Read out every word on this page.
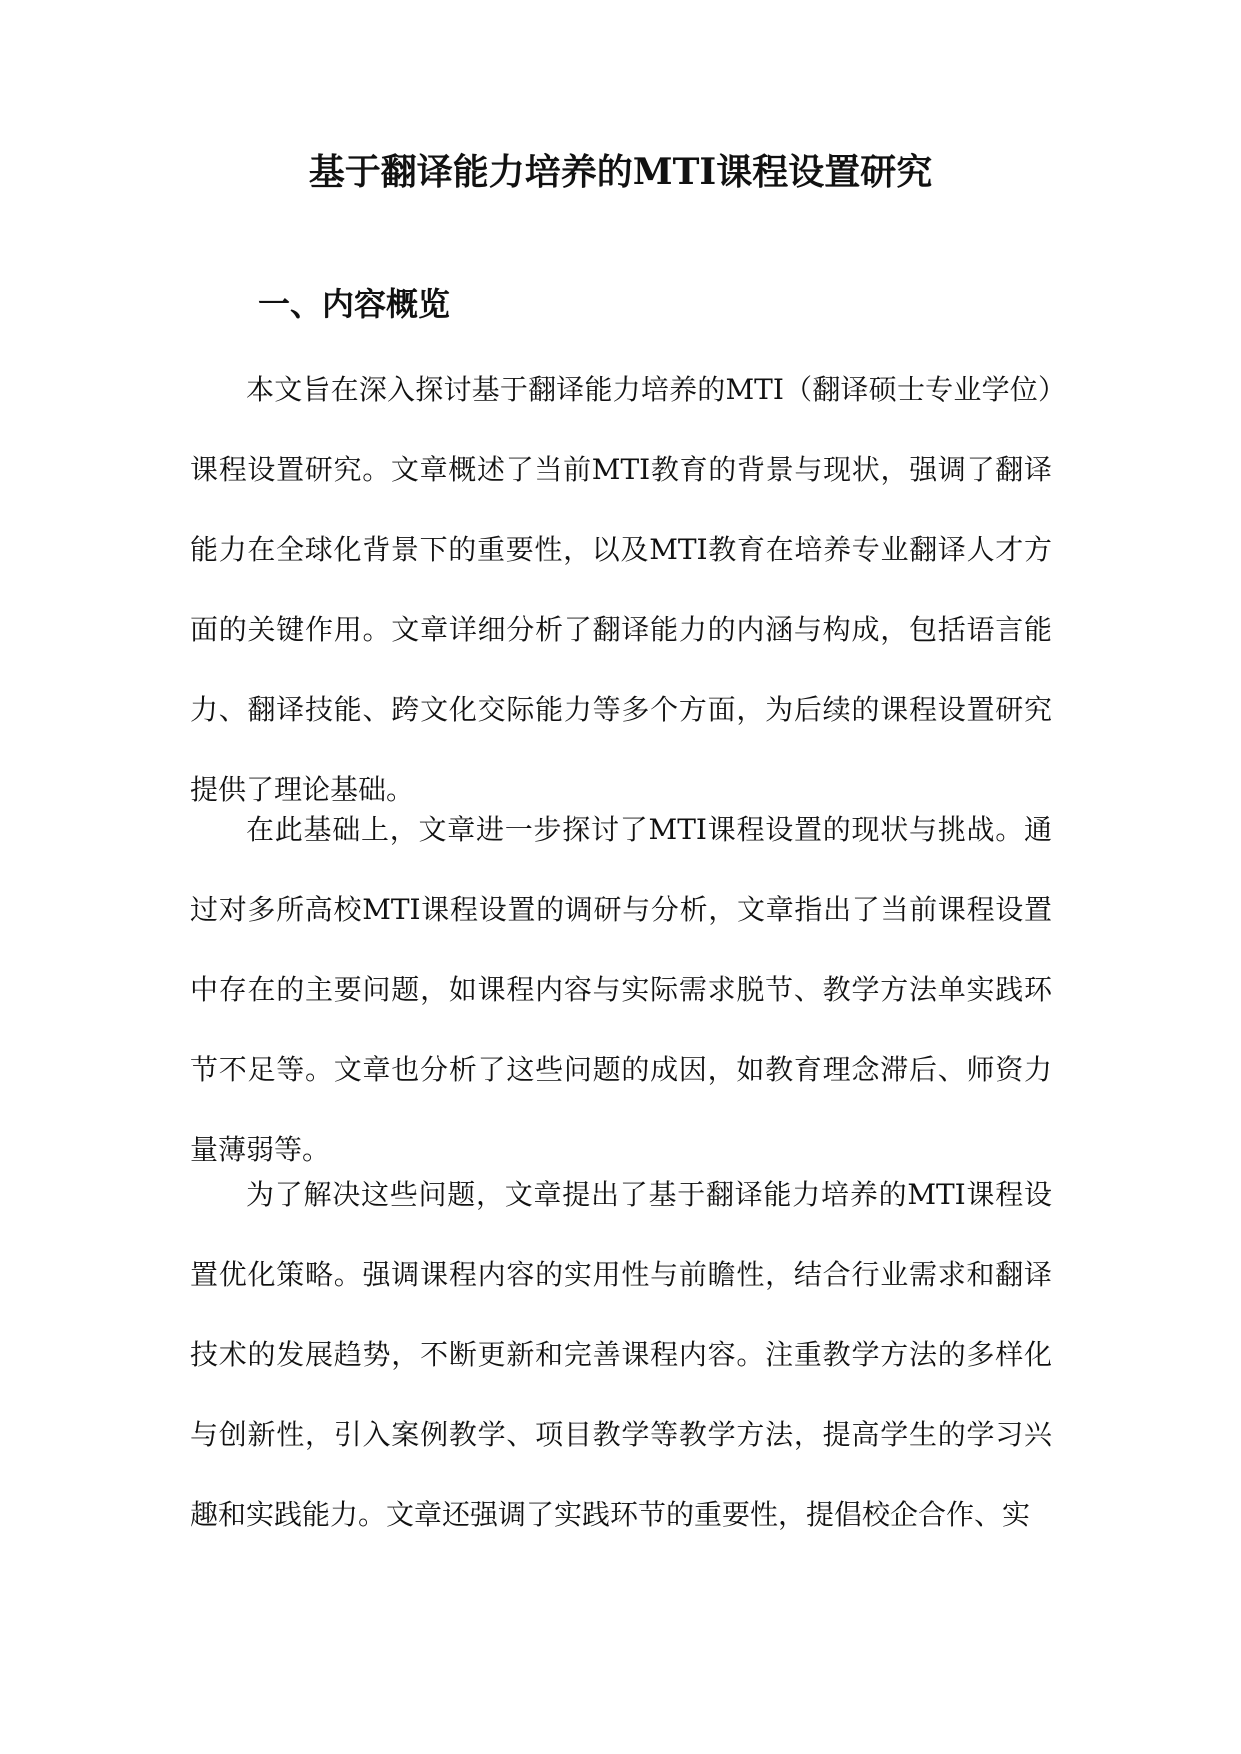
基于翻译能力培养的MTI课程设置研究
一、内容概览

本文旨在深入探讨基于翻译能力培养的MTI（翻译硕士专业学位）课程设置研究。文章概述了当前MTI教育的背景与现状，强调了翻译能力在全球化背景下的重要性，以及MTI教育在培养专业翻译人才方面的关键作用。文章详细分析了翻译能力的内涵与构成，包括语言能力、翻译技能、跨文化交际能力等多个方面，为后续的课程设置研究提供了理论基础。

在此基础上，文章进一步探讨了MTI课程设置的现状与挑战。通过对多所高校MTI课程设置的调研与分析，文章指出了当前课程设置中存在的主要问题，如课程内容与实际需求脱节、教学方法单实践环节不足等。文章也分析了这些问题的成因，如教育理念滞后、师资力量薄弱等。

为了解决这些问题，文章提出了基于翻译能力培养的MTI课程设置优化策略。强调课程内容的实用性与前瞻性，结合行业需求和翻译技术的发展趋势，不断更新和完善课程内容。注重教学方法的多样化与创新性，引入案例教学、项目教学等教学方法，提高学生的学习兴趣和实践能力。文章还强调了实践环节的重要性，提倡校企合作、实
